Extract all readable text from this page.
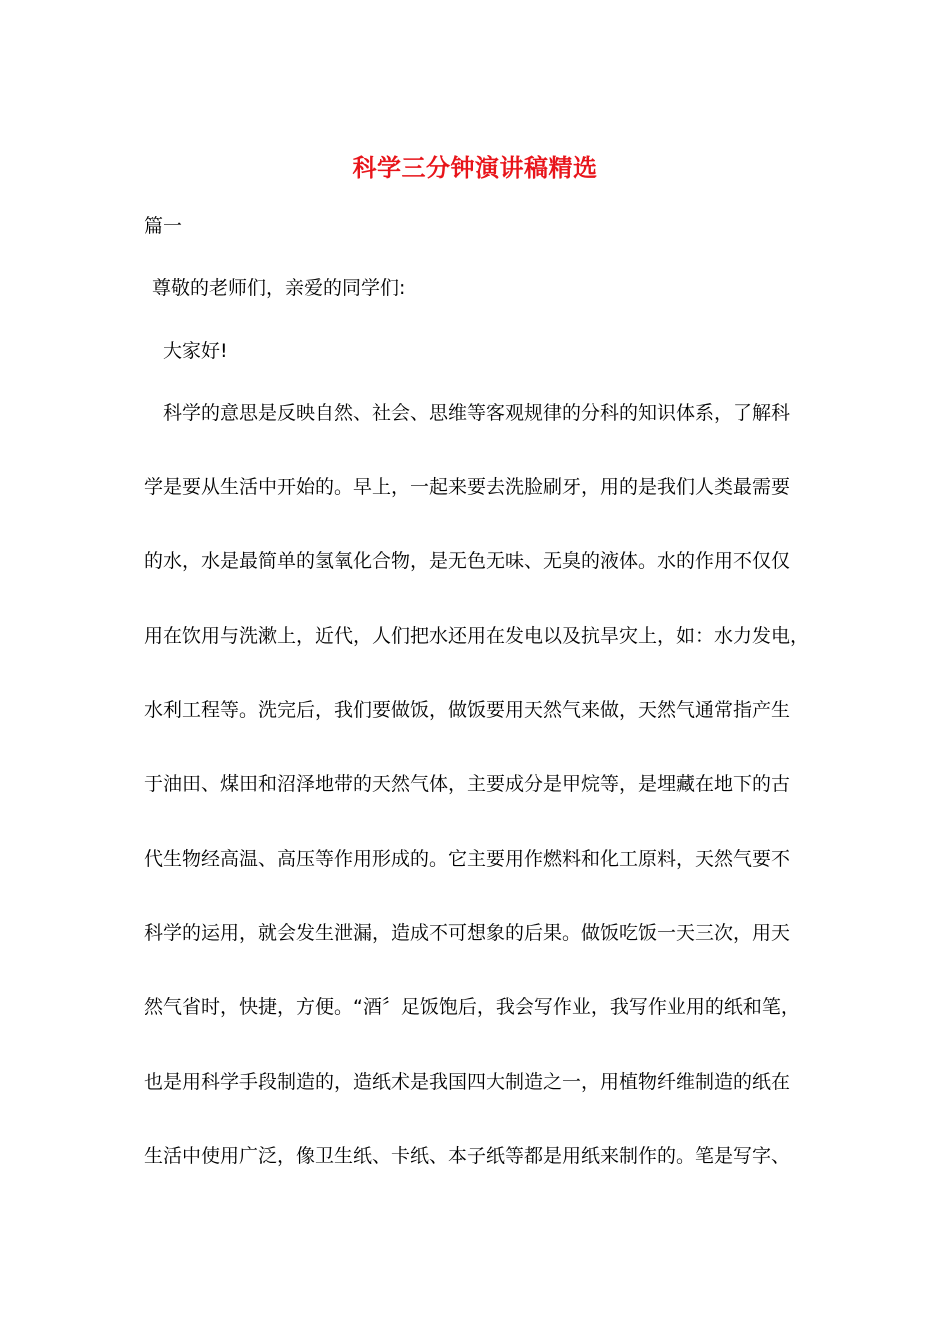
科学三分钟演讲稿精选
篇一
尊敬的老师们，亲爱的同学们:
大家好!
科学的意思是反映自然、社会、思维等客观规律的分科的知识体系，了解科
学是要从生活中开始的。早上，一起来要去洗脸刷牙，用的是我们人类最需要
的水，水是最简单的氢氧化合物，是无色无味、无臭的液体。水的作用不仅仅
用在饮用与洗漱上，近代，人们把水还用在发电以及抗旱灾上，如：水力发电，
水利工程等。洗完后，我们要做饭，做饭要用天然气来做，天然气通常指产生
于油田、煤田和沼泽地带的天然气体，主要成分是甲烷等，是埋藏在地下的古
代生物经高温、高压等作用形成的。它主要用作燃料和化工原料，天然气要不
科学的运用，就会发生泄漏，造成不可想象的后果。做饭吃饭一天三次，用天
然气省时，快捷，方便。“酒〞足饭饱后，我会写作业，我写作业用的纸和笔，
也是用科学手段制造的，造纸术是我国四大制造之一，用植物纤维制造的纸在
生活中使用广泛，像卫生纸、卡纸、本子纸等都是用纸来制作的。笔是写字、
